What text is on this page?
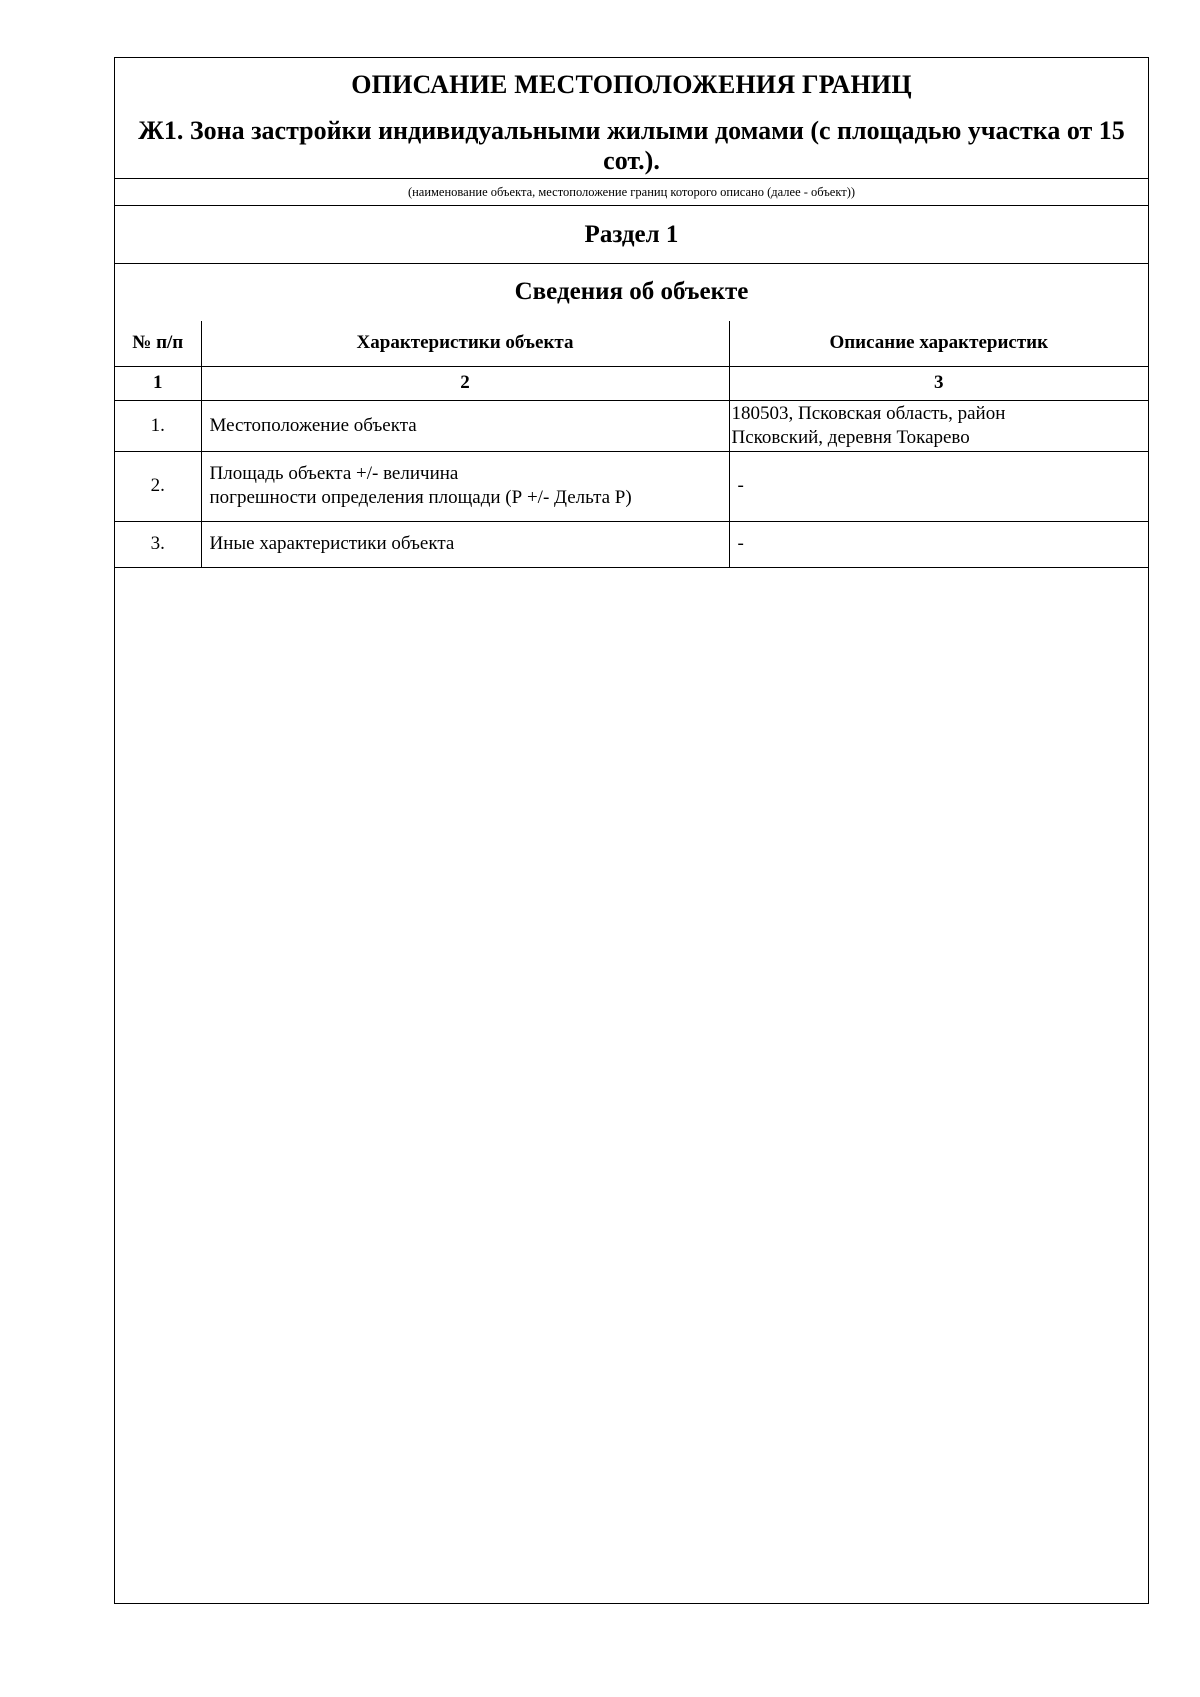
ОПИСАНИЕ МЕСТОПОЛОЖЕНИЯ ГРАНИЦ
Ж1. Зона застройки индивидуальными жилыми домами (с площадью участка от 15
сот.).
(наименование объекта, местоположение границ которого описано (далее - объект))
Раздел 1
Сведения об объекте
№ п/п	Характеристики объекта	Описание характеристик
1	2	3
1.	Местоположение объекта	180503, Псковская область, район
Псковский, деревня Токарево
2.	Площадь объекта +/- величина
погрешности определения площади (Р +/- Дельта Р)	-
3.	Иные характеристики объекта	-
